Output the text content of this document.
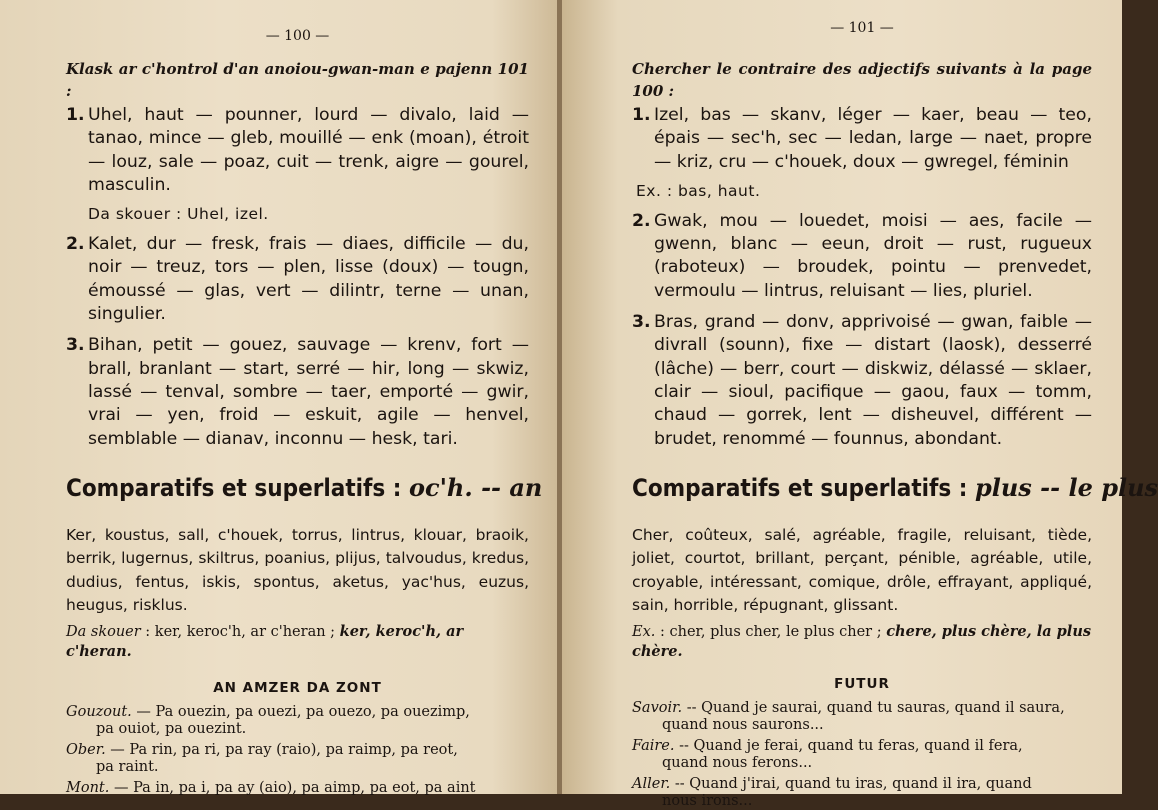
— 100 —
Klask ar c'hontrol d'an anoiou-gwan-man e pajenn 101 :
1. Uhel, haut — pounner, lourd — divalo, laid — tanao, mince — gleb, mouillé — enk (moan), étroit — louz, sale — poaz, cuit — trenk, aigre — gourel, masculin.
Da skouer : Uhel, izel.
2. Kalet, dur — fresk, frais — diaes, difficile — du, noir — treuz, tors — plen, lisse (doux) — tougn, émoussé — glas, vert — dilintr, terne — unan, singulier.
3. Bihan, petit — gouez, sauvage — krenv, fort — brall, branlant — start, serré — hir, long — skwiz, lassé — tenval, sombre — taer, emporté — gwir, vrai — yen, froid — eskuit, agile — henvel, semblable — dianav, inconnu — hesk, tari.
Comparatifs et superlatifs : oc'h. -- an
Ker, koustus, sall, c'houek, torrus, lintrus, klouar, braoik, berrik, lugernus, skiltrus, poanius, plijus, talvoudus, kredus, dudius, fentus, iskis, spontus, aketus, yac'hus, euzus, heugus, risklus.
Da skouer : ker, keroc'h, ar c'heran ; ker, keroc'h, ar c'heran.
AN AMZER DA ZONT
Gouzout. — Pa ouezin, pa ouezi, pa ouezo, pa ouezimp,
pa ouiot, pa ouezint.
Ober. — Pa rin, pa ri, pa ray (raio), pa raimp, pa reot,
pa raint.
Mont. — Pa in, pa i, pa ay (aio), pa aimp, pa eot, pa aint
— 101 —
Chercher le contraire des adjectifs suivants à la page 100 :
1. Izel, bas — skanv, léger — kaer, beau — teo, épais — sec'h, sec — ledan, large — naet, propre — kriz, cru — c'houek, doux — gwregel, féminin
Ex. : bas, haut.
2. Gwak, mou — louedet, moisi — aes, facile — gwenn, blanc — eeun, droit — rust, rugueux (raboteux) — broudek, pointu — prenvedet, vermoulu — lintrus, reluisant — lies, pluriel.
3. Bras, grand — donv, apprivoisé — gwan, faible — divrall (sounn), fixe — distart (laosk), desserré (lâche) — berr, court — diskwiz, délassé — sklaer, clair — sioul, pacifique — gaou, faux — tomm, chaud — gorrek, lent — disheuvel, différent — brudet, renommé — founnus, abondant.
Comparatifs et superlatifs : plus -- le plus
Cher, coûteux, salé, agréable, fragile, reluisant, tiède, joliet, courtot, brillant, perçant, pénible, agréable, utile, croyable, intéressant, comique, drôle, effrayant, appliqué, sain, horrible, répugnant, glissant.
Ex. : cher, plus cher, le plus cher ; chere, plus chère, la plus chère.
FUTUR
Savoir. -- Quand je saurai, quand tu sauras, quand il saura,
quand nous saurons...
Faire. -- Quand je ferai, quand tu feras, quand il fera,
quand nous ferons...
Aller. -- Quand j'irai, quand tu iras, quand il ira, quand
nous irons...
